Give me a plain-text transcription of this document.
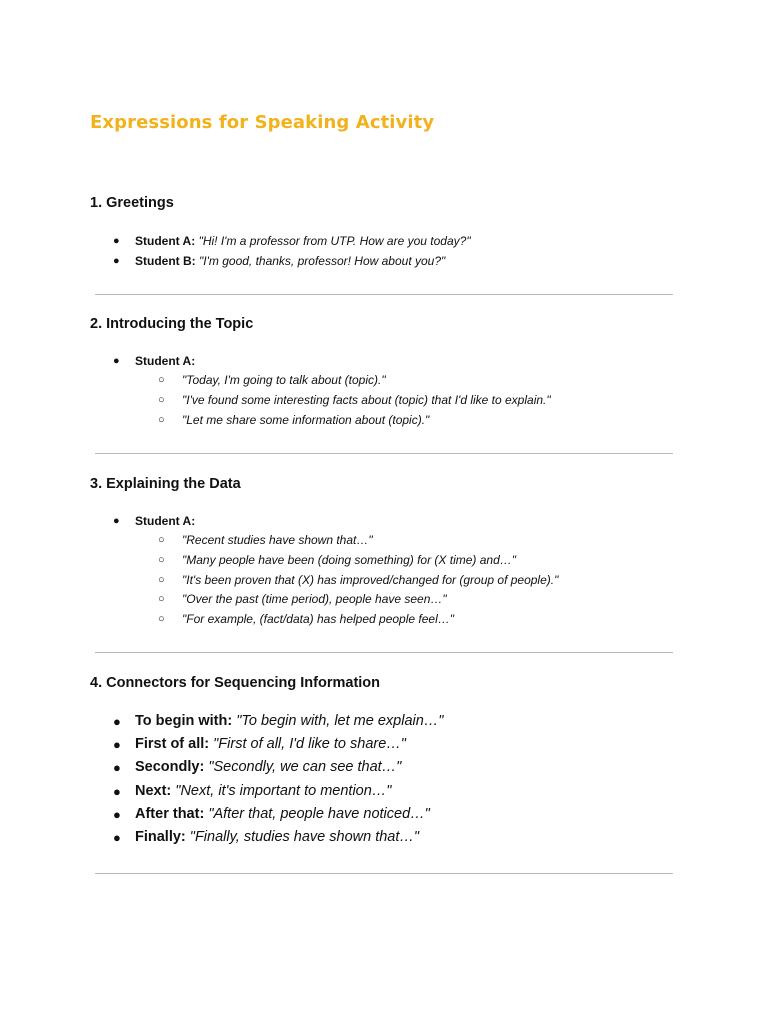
Expressions for Speaking Activity
1. Greetings
● Student A: "Hi! I'm a professor from UTP. How are you today?"
● Student B: "I'm good, thanks, professor! How about you?"
2. Introducing the Topic
● Student A:
○ "Today, I'm going to talk about (topic)."
○ "I've found some interesting facts about (topic) that I'd like to explain."
○ "Let me share some information about (topic)."
3. Explaining the Data
● Student A:
○ "Recent studies have shown that…"
○ "Many people have been (doing something) for (X time) and…"
○ "It's been proven that (X) has improved/changed for (group of people)."
○ "Over the past (time period), people have seen…"
○ "For example, (fact/data) has helped people feel…"
4. Connectors for Sequencing Information
● To begin with: "To begin with, let me explain…"
● First of all: "First of all, I'd like to share…"
● Secondly: "Secondly, we can see that…"
● Next: "Next, it's important to mention…"
● After that: "After that, people have noticed…"
● Finally: "Finally, studies have shown that…"
